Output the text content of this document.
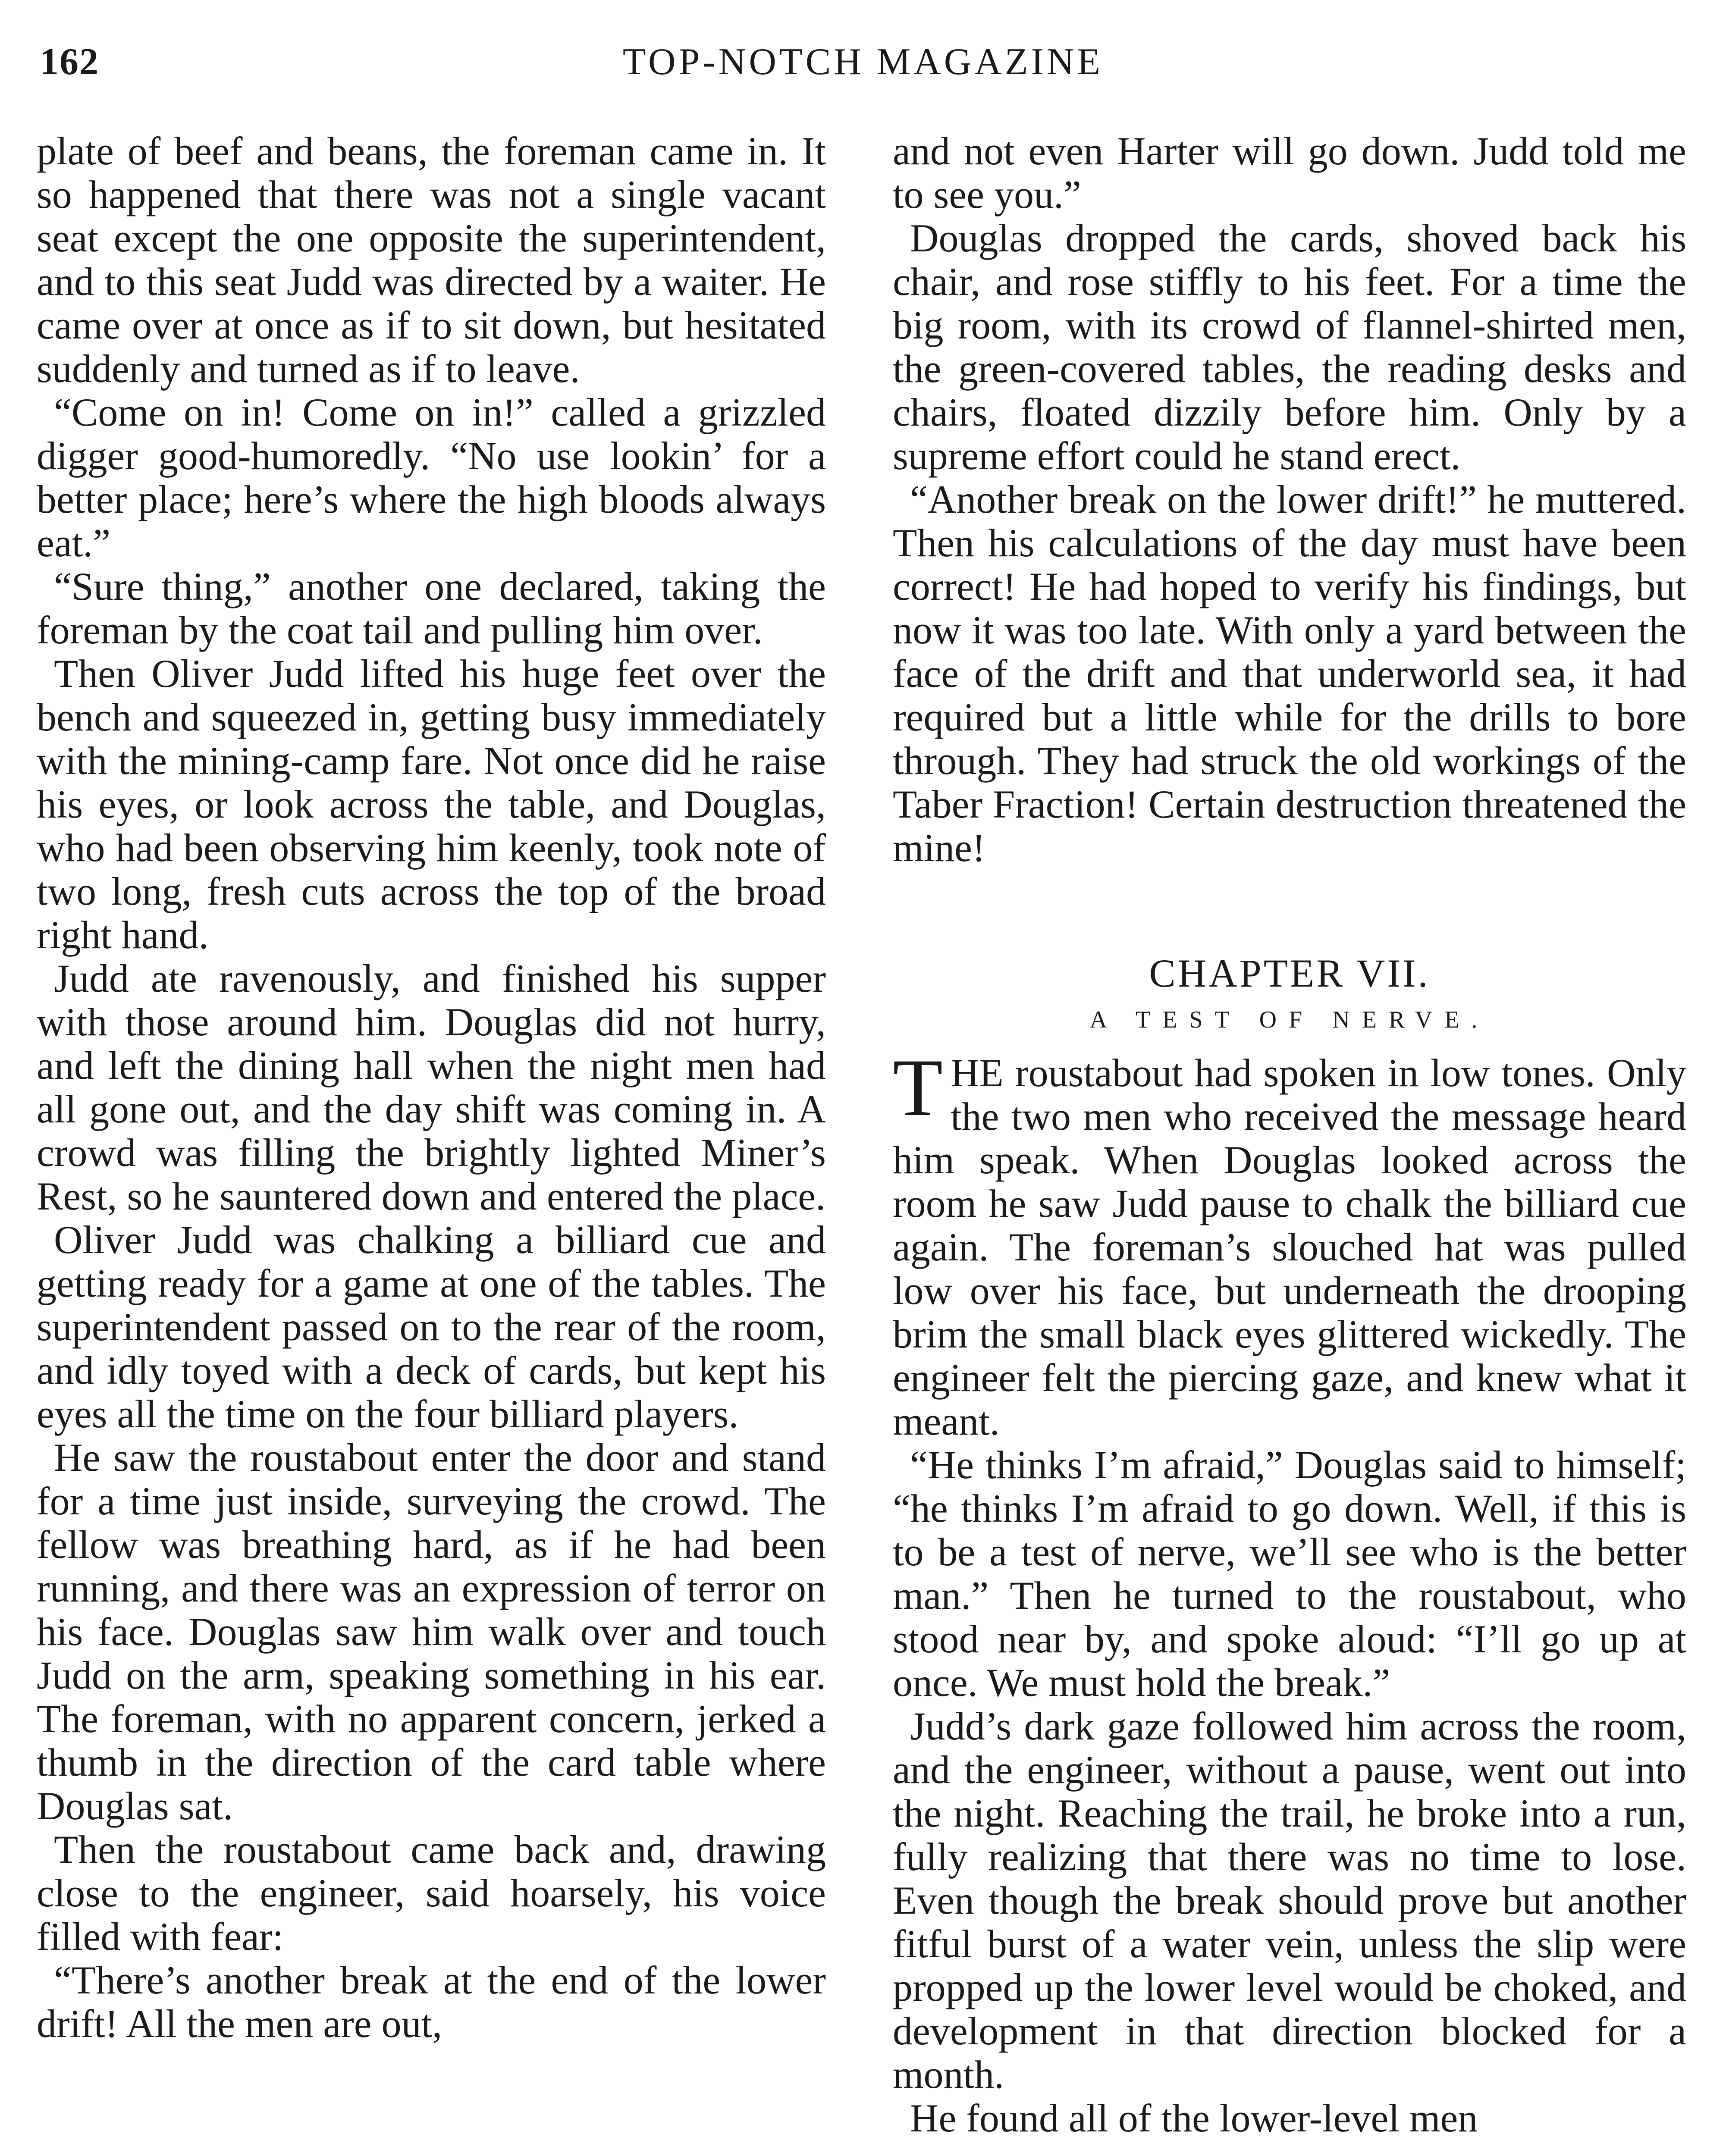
162	TOP-NOTCH MAGAZINE

plate of beef and beans, the foreman came in. It so happened that there was not a single vacant seat except the one opposite the superintendent, and to this seat Judd was directed by a waiter. He came over at once as if to sit down, but hesitated suddenly and turned as if to leave.

“Come on in! Come on in!” called a grizzled digger good-humoredly. “No use lookin’ for a better place; here’s where the high bloods always eat.”

“Sure thing,” another one declared, taking the foreman by the coat tail and pulling him over.

Then Oliver Judd lifted his huge feet over the bench and squeezed in, getting busy immediately with the mining-camp fare. Not once did he raise his eyes, or look across the table, and Douglas, who had been observing him keenly, took note of two long, fresh cuts across the top of the broad right hand.

Judd ate ravenously, and finished his supper with those around him. Douglas did not hurry, and left the dining hall when the night men had all gone out, and the day shift was coming in. A crowd was filling the brightly lighted Miner’s Rest, so he sauntered down and entered the place.

Oliver Judd was chalking a billiard cue and getting ready for a game at one of the tables. The superintendent passed on to the rear of the room, and idly toyed with a deck of cards, but kept his eyes all the time on the four billiard players.

He saw the roustabout enter the door and stand for a time just inside, surveying the crowd. The fellow was breathing hard, as if he had been running, and there was an expression of terror on his face. Douglas saw him walk over and touch Judd on the arm, speaking something in his ear. The foreman, with no apparent concern, jerked a thumb in the direction of the card table where Douglas sat.

Then the roustabout came back and, drawing close to the engineer, said hoarsely, his voice filled with fear:

“There’s another break at the end of the lower drift! All the men are out,

and not even Harter will go down. Judd told me to see you.”

Douglas dropped the cards, shoved back his chair, and rose stiffly to his feet. For a time the big room, with its crowd of flannel-shirted men, the green-covered tables, the reading desks and chairs, floated dizzily before him. Only by a supreme effort could he stand erect.

“Another break on the lower drift!” he muttered. Then his calculations of the day must have been correct! He had hoped to verify his findings, but now it was too late. With only a yard between the face of the drift and that underworld sea, it had required but a little while for the drills to bore through. They had struck the old workings of the Taber Fraction! Certain destruction threatened the mine!

CHAPTER VII.
A TEST OF NERVE.

THE roustabout had spoken in low tones. Only the two men who received the message heard him speak. When Douglas looked across the room he saw Judd pause to chalk the billiard cue again. The foreman’s slouched hat was pulled low over his face, but underneath the drooping brim the small black eyes glittered wickedly. The engineer felt the piercing gaze, and knew what it meant.

“He thinks I’m afraid,” Douglas said to himself; “he thinks I’m afraid to go down. Well, if this is to be a test of nerve, we’ll see who is the better man.” Then he turned to the roustabout, who stood near by, and spoke aloud: “I’ll go up at once. We must hold the break.”

Judd’s dark gaze followed him across the room, and the engineer, without a pause, went out into the night. Reaching the trail, he broke into a run, fully realizing that there was no time to lose. Even though the break should prove but another fitful burst of a water vein, unless the slip were propped up the lower level would be choked, and development in that direction blocked for a month.

He found all of the lower-level men
